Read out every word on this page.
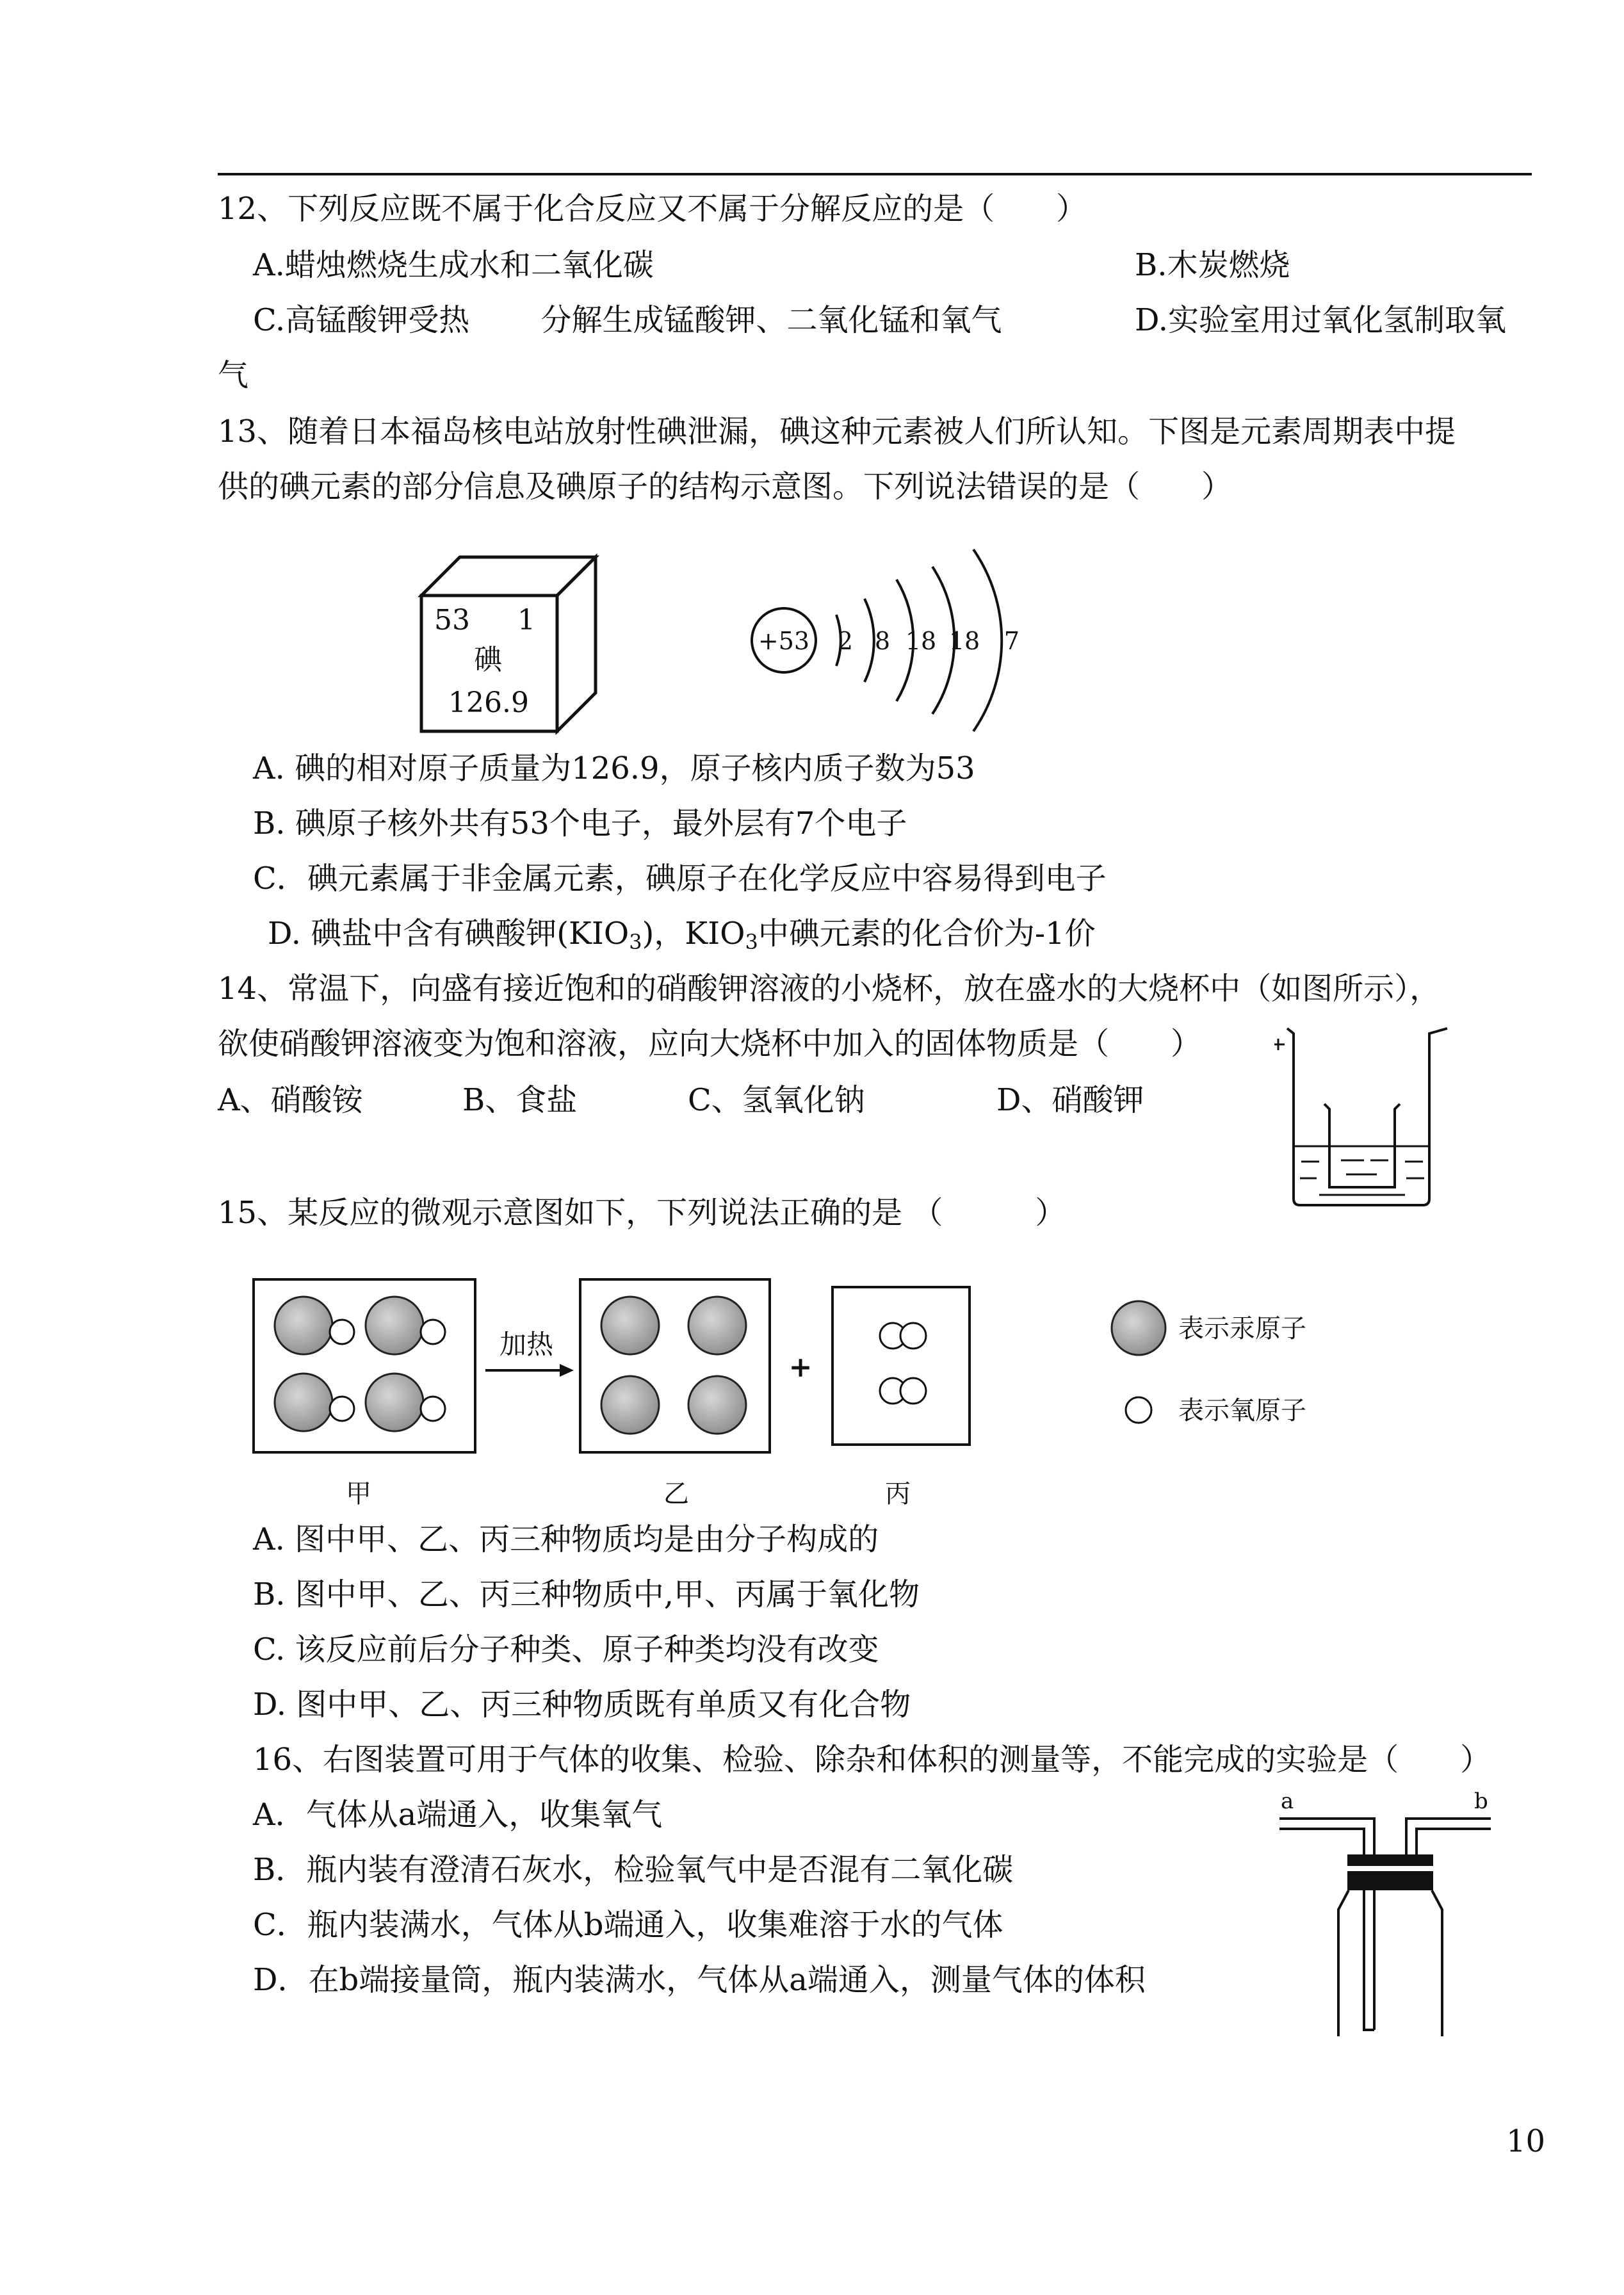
12、下列反应既不属于化合反应又不属于分解反应的是（　　）
A.蜡烛燃烧生成水和二氧化碳	B.木炭燃烧
C.高锰酸钾受热　　 分解生成锰酸钾、二氧化锰和氧气	D.实验室用过氧化氢制取氧
气
13、随着日本福岛核电站放射性碘泄漏，碘这种元素被人们所认知。下图是元素周期表中提
供的碘元素的部分信息及碘原子的结构示意图。下列说法错误的是（　　）
53 1
碘
126.9
+53 2 8 18 18 7
A. 碘的相对原子质量为126.9，原子核内质子数为53
B. 碘原子核外共有53个电子，最外层有7个电子
C．碘元素属于非金属元素，碘原子在化学反应中容易得到电子
D. 碘盐中含有碘酸钾$(KIO_3)$，$KIO_3$中碘元素的化合价为-1价
14、常温下，向盛有接近饱和的硝酸钾溶液的小烧杯，放在盛水的大烧杯中（如图所示），
欲使硝酸钾溶液变为饱和溶液，应向大烧杯中加入的固体物质是（　　）
A、硝酸铵	B、食盐	C、氢氧化钠	D、硝酸钾
15、某反应的微观示意图如下，下列说法正确的是 （　　　）
加热
+
甲	乙	丙
表示汞原子
表示氧原子
A. 图中甲、乙、丙三种物质均是由分子构成的
B. 图中甲、乙、丙三种物质中,甲、丙属于氧化物
C. 该反应前后分子种类、原子种类均没有改变
D. 图中甲、乙、丙三种物质既有单质又有化合物
16、右图装置可用于气体的收集、检验、除杂和体积的测量等，不能完成的实验是（　　）
A．气体从a端通入，收集氧气
B．瓶内装有澄清石灰水，检验氧气中是否混有二氧化碳
C．瓶内装满水，气体从b端通入，收集难溶于水的气体
D．在b端接量筒，瓶内装满水，气体从a端通入，测量气体的体积
a	b
10
